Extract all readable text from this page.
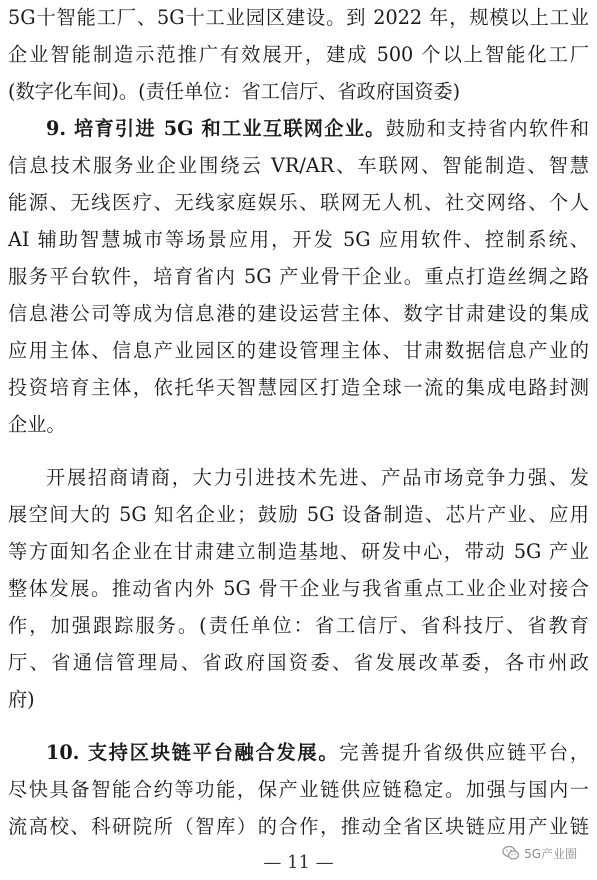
5G十智能工厂、5G十工业园区建设。到 2022 年，规模以上工业
企业智能制造示范推广有效展开，建成 500 个以上智能化工厂
(数字化车间)。(责任单位：省工信厅、省政府国资委)
9. 培育引进 5G 和工业互联网企业。鼓励和支持省内软件和
信息技术服务业企业围绕云 VR/AR、车联网、智能制造、智慧
能源、无线医疗、无线家庭娱乐、联网无人机、社交网络、个人
AI 辅助智慧城市等场景应用，开发 5G 应用软件、控制系统、
服务平台软件，培育省内 5G 产业骨干企业。重点打造丝绸之路
信息港公司等成为信息港的建设运营主体、数字甘肃建设的集成
应用主体、信息产业园区的建设管理主体、甘肃数据信息产业的
投资培育主体，依托华天智慧园区打造全球一流的集成电路封测
企业。
开展招商请商，大力引进技术先进、产品市场竞争力强、发
展空间大的 5G 知名企业；鼓励 5G 设备制造、芯片产业、应用
等方面知名企业在甘肃建立制造基地、研发中心，带动 5G 产业
整体发展。推动省内外 5G 骨干企业与我省重点工业企业对接合
作，加强跟踪服务。(责任单位：省工信厅、省科技厅、省教育
厅、省通信管理局、省政府国资委、省发展改革委，各市州政
府)
10. 支持区块链平台融合发展。完善提升省级供应链平台，
尽快具备智能合约等功能，保产业链供应链稳定。加强与国内一
流高校、科研院所（智库）的合作，推动全省区块链应用产业链
5G产业圈
— 11 —
